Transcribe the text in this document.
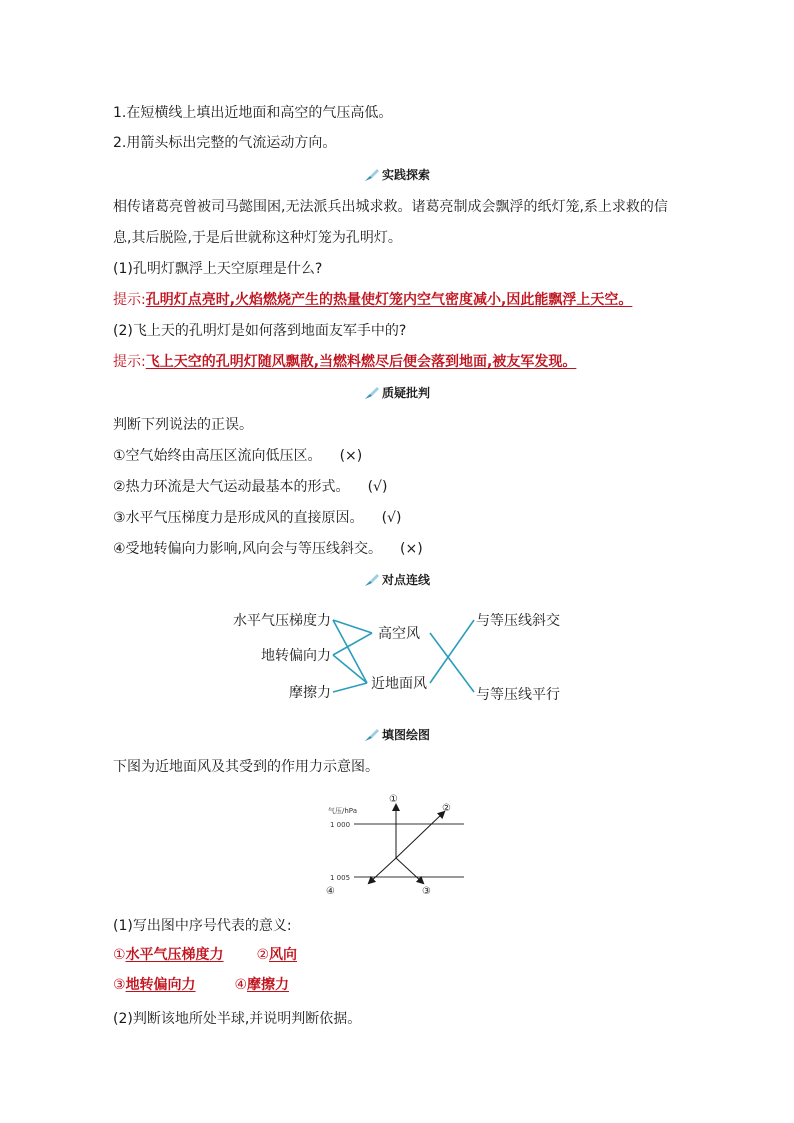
1.在短横线上填出近地面和高空的气压高低。
2.用箭头标出完整的气流运动方向。
实践探索
相传诸葛亮曾被司马懿围困,无法派兵出城求救。诸葛亮制成会飘浮的纸灯笼,系上求救的信
息,其后脱险,于是后世就称这种灯笼为孔明灯。
(1)孔明灯飘浮上天空原理是什么?
提示:孔明灯点亮时,火焰燃烧产生的热量使灯笼内空气密度减小,因此能飘浮上天空。
(2)飞上天的孔明灯是如何落到地面友军手中的?
提示:飞上天空的孔明灯随风飘散,当燃料燃尽后便会落到地面,被友军发现。
质疑批判
判断下列说法的正误。
①空气始终由高压区流向低压区。 (×)
②热力环流是大气运动最基本的形式。 (√)
③水平气压梯度力是形成风的直接原因。 (√)
④受地转偏向力影响,风向会与等压线斜交。 (×)
对点连线
水平气压梯度力
地转偏向力
摩擦力
高空风
近地面风
与等压线斜交
与等压线平行
填图绘图
下图为近地面风及其受到的作用力示意图。
气压/hPa
1 000
1 005
①
②
③
④
(1)写出图中序号代表的意义:
①水平气压梯度力 ②风向
③地转偏向力	④摩擦力
(2)判断该地所处半球,并说明判断依据。
